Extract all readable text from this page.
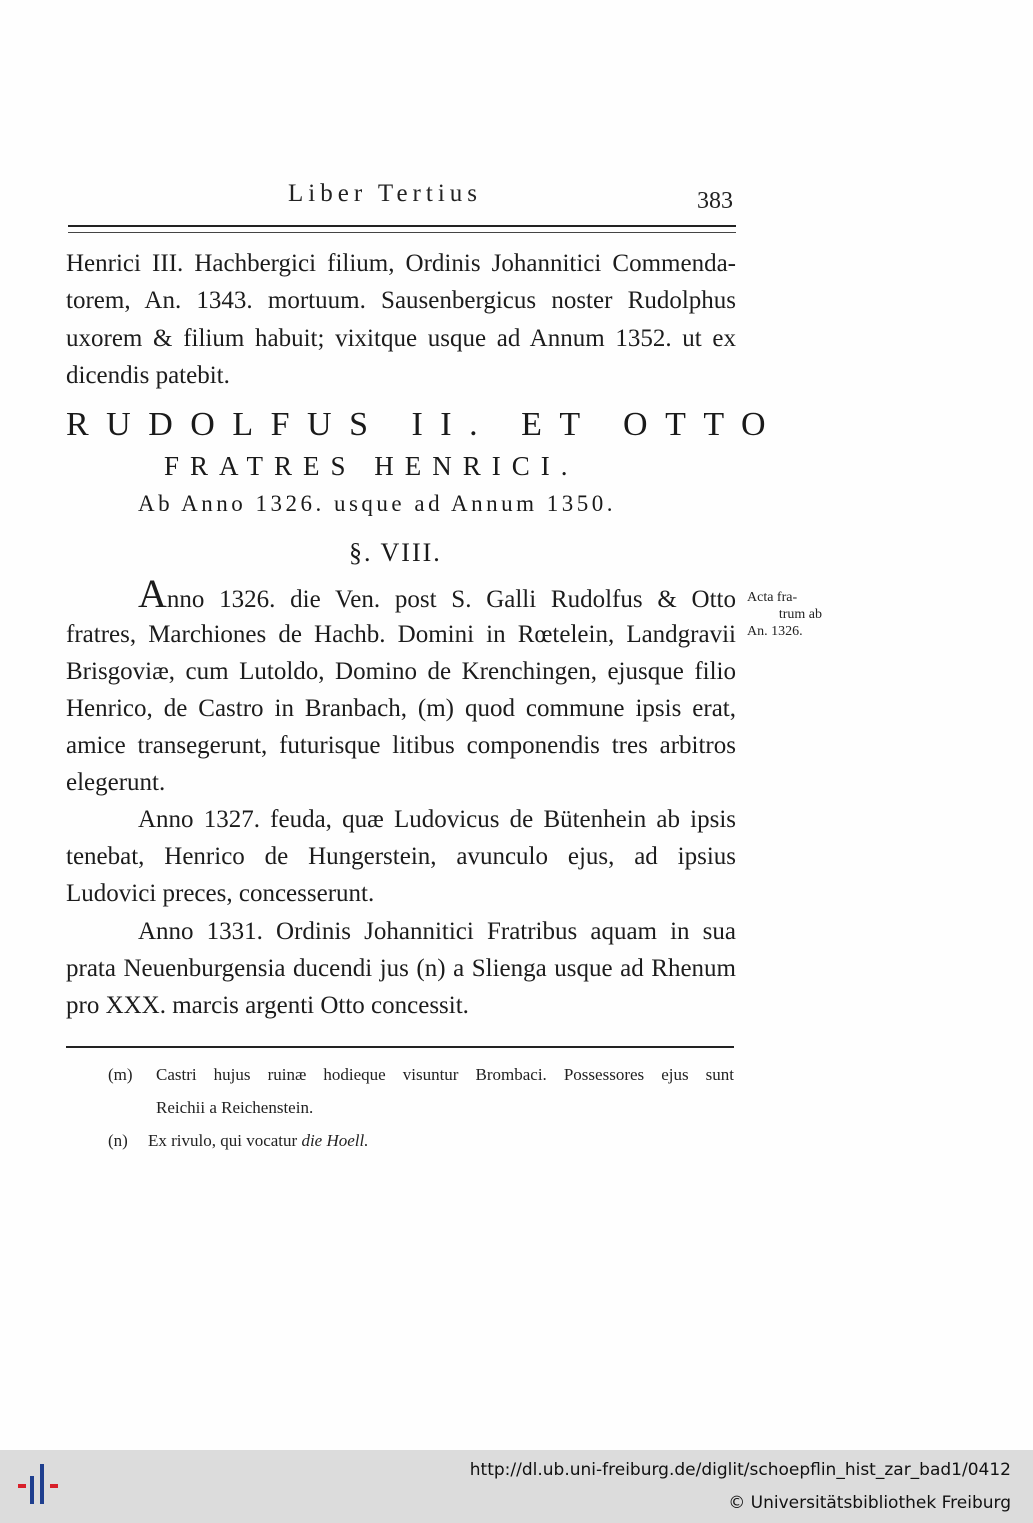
Liber Tertius	383
Henrici III. Hachbergici filium, Ordinis Johannitici Commenda-
torem, An. 1343. mortuum. Sausenbergicus noster Rudolphus
uxorem & filium habuit; vixitque usque ad Annum 1352. ut ex
dicendis patebit.
RUDOLFUS II. ET OTTO
FRATRES HENRICI.
Ab Anno 1326. usque ad Annum 1350.
§. VIII.
Anno 1326. die Ven. post S. Galli Rudolfus & Otto
fratres, Marchiones de Hachb. Domini in Rœtelein, Landgravii
Brisgoviæ, cum Lutoldo, Domino de Krenchingen, ejusque filio
Henrico, de Castro in Branbach, (m) quod commune ipsis erat,
amice transegerunt, futurisque litibus componendis tres arbitros
elegerunt.
Acta fra-
trum ab
An. 1326.
Anno 1327. feuda, quæ Ludovicus de Bütenhein ab ipsis
tenebat, Henrico de Hungerstein, avunculo ejus, ad ipsius
Ludovici preces, concesserunt.
Anno 1331. Ordinis Johannitici Fratribus aquam in sua
prata Neuenburgensia ducendi jus (n) a Slienga usque ad Rhenum
pro XXX. marcis argenti Otto concessit.
(m) Castri hujus ruinæ hodieque visuntur Brombaci. Possessores ejus sunt
Reichii a Reichenstein.
(n) Ex rivulo, qui vocatur die Hoell.
http://dl.ub.uni-freiburg.de/diglit/schoepflin_hist_zar_bad1/0412
© Universitätsbibliothek Freiburg
